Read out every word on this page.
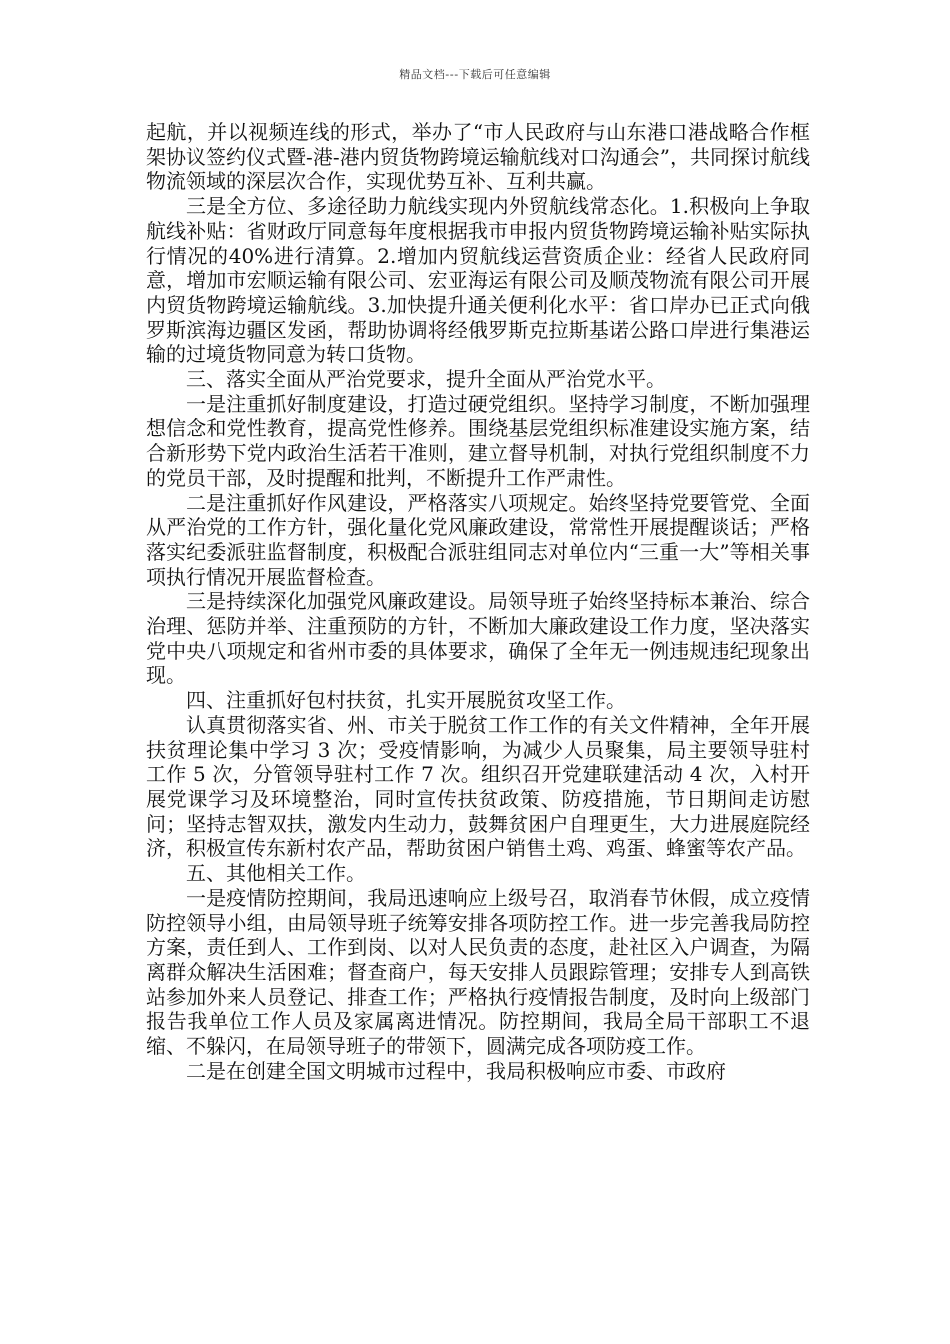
精品文档---下载后可任意编辑

起航，并以视频连线的形式，举办了“市人民政府与山东港口港战略合作框架协议签约仪式暨-港-港内贸货物跨境运输航线对口沟通会”，共同探讨航线物流领域的深层次合作，实现优势互补、互利共赢。

三是全方位、多途径助力航线实现内外贸航线常态化。1.积极向上争取航线补贴：省财政厅同意每年度根据我市申报内贸货物跨境运输补贴实际执行情况的40%进行清算。2.增加内贸航线运营资质企业：经省人民政府同意，增加市宏顺运输有限公司、宏亚海运有限公司及顺茂物流有限公司开展内贸货物跨境运输航线。3.加快提升通关便利化水平：省口岸办已正式向俄罗斯滨海边疆区发函，帮助协调将经俄罗斯克拉斯基诺公路口岸进行集港运输的过境货物同意为转口货物。

三、落实全面从严治党要求，提升全面从严治党水平。

一是注重抓好制度建设，打造过硬党组织。坚持学习制度，不断加强理想信念和党性教育，提高党性修养。围绕基层党组织标准建设实施方案，结合新形势下党内政治生活若干准则，建立督导机制，对执行党组织制度不力的党员干部，及时提醒和批判，不断提升工作严肃性。

二是注重抓好作风建设，严格落实八项规定。始终坚持党要管党、全面从严治党的工作方针，强化量化党风廉政建设，常常性开展提醒谈话；严格落实纪委派驻监督制度，积极配合派驻组同志对单位内“三重一大”等相关事项执行情况开展监督检查。

三是持续深化加强党风廉政建设。局领导班子始终坚持标本兼治、综合治理、惩防并举、注重预防的方针，不断加大廉政建设工作力度，坚决落实党中央八项规定和省州市委的具体要求，确保了全年无一例违规违纪现象出现。

四、注重抓好包村扶贫，扎实开展脱贫攻坚工作。

认真贯彻落实省、州、市关于脱贫工作工作的有关文件精神，全年开展扶贫理论集中学习 3 次；受疫情影响，为减少人员聚集，局主要领导驻村工作 5 次，分管领导驻村工作 7 次。组织召开党建联建活动 4 次，入村开展党课学习及环境整治，同时宣传扶贫政策、防疫措施，节日期间走访慰问；坚持志智双扶，激发内生动力，鼓舞贫困户自理更生，大力进展庭院经济，积极宣传东新村农产品，帮助贫困户销售土鸡、鸡蛋、蜂蜜等农产品。

五、其他相关工作。

一是疫情防控期间，我局迅速响应上级号召，取消春节休假，成立疫情防控领导小组，由局领导班子统筹安排各项防控工作。进一步完善我局防控方案，责任到人、工作到岗、以对人民负责的态度，赴社区入户调查，为隔离群众解决生活困难；督查商户，每天安排人员跟踪管理；安排专人到高铁站参加外来人员登记、排查工作；严格执行疫情报告制度，及时向上级部门报告我单位工作人员及家属离进情况。防控期间，我局全局干部职工不退缩、不躲闪，在局领导班子的带领下，圆满完成各项防疫工作。

二是在创建全国文明城市过程中，我局积极响应市委、市政府
